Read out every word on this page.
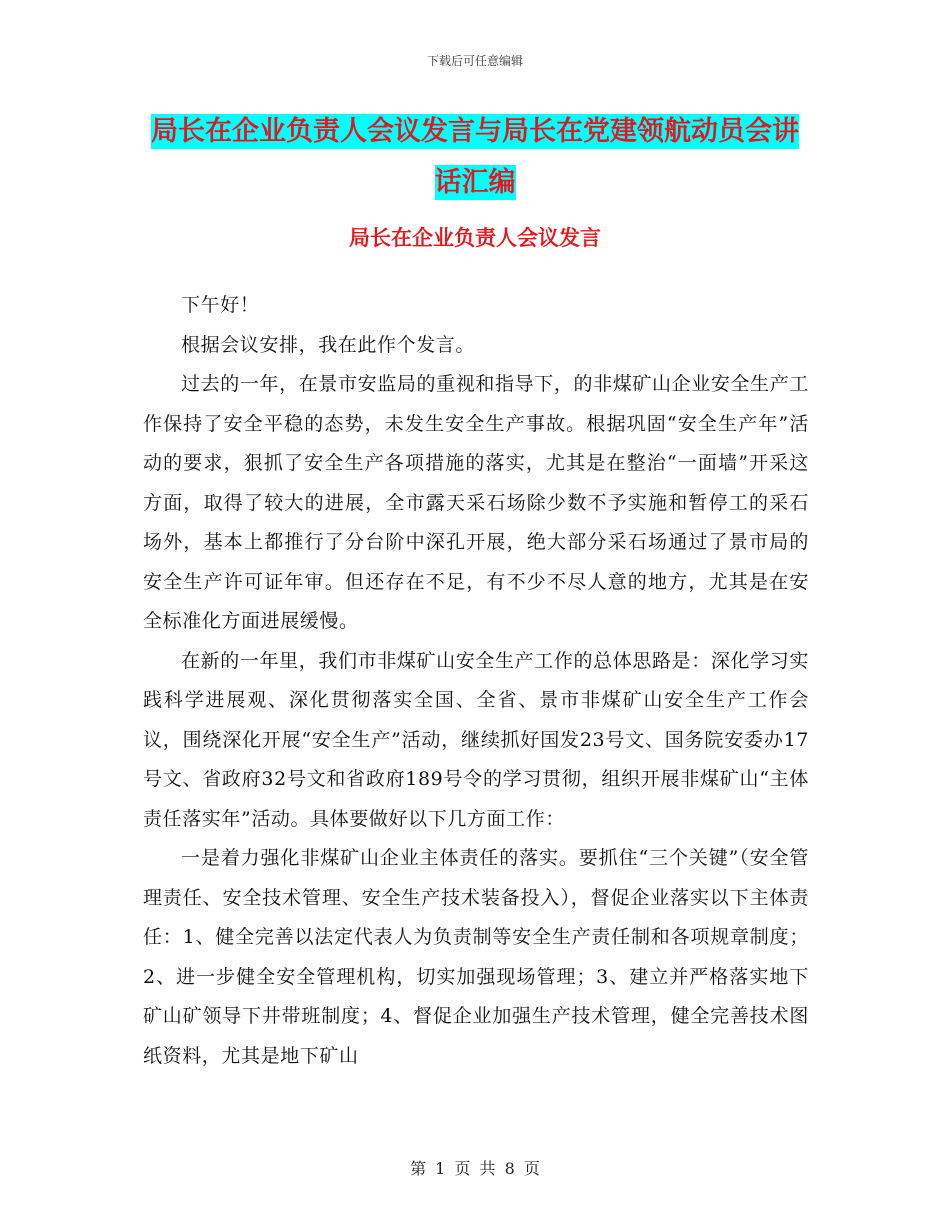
下载后可任意编辑
局长在企业负责人会议发言与局长在党建领航动员会讲话汇编
局长在企业负责人会议发言

下午好！

根据会议安排，我在此作个发言。

过去的一年，在景市安监局的重视和指导下，的非煤矿山企业安全生产工作保持了安全平稳的态势，未发生安全生产事故。根据巩固“安全生产年”活动的要求，狠抓了安全生产各项措施的落实，尤其是在整治“一面墙”开采这方面，取得了较大的进展，全市露天采石场除少数不予实施和暂停工的采石场外，基本上都推行了分台阶中深孔开展，绝大部分采石场通过了景市局的安全生产许可证年审。但还存在不足，有不少不尽人意的地方，尤其是在安全标准化方面进展缓慢。

在新的一年里，我们市非煤矿山安全生产工作的总体思路是：深化学习实践科学进展观、深化贯彻落实全国、全省、景市非煤矿山安全生产工作会议，围绕深化开展“安全生产”活动，继续抓好国发23号文、国务院安委办17号文、省政府32号文和省政府189号令的学习贯彻，组织开展非煤矿山“主体责任落实年”活动。具体要做好以下几方面工作：

一是着力强化非煤矿山企业主体责任的落实。要抓住“三个关键”（安全管理责任、安全技术管理、安全生产技术装备投入），督促企业落实以下主体责任：1、健全完善以法定代表人为负责制等安全生产责任制和各项规章制度；2、进一步健全安全管理机构，切实加强现场管理；3、建立并严格落实地下矿山矿领导下井带班制度；4、督促企业加强生产技术管理，健全完善技术图纸资料，尤其是地下矿山

第 1 页 共 8 页
